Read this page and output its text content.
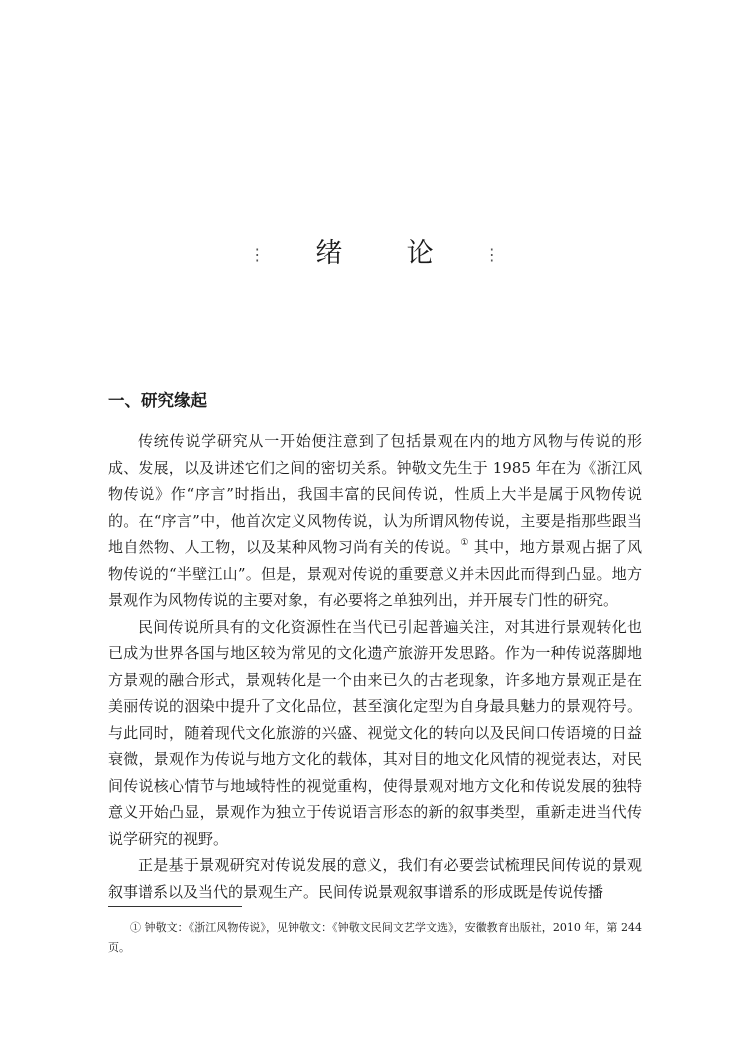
⋮ 绪 论	⋮
一、研究缘起

传统传说学研究从一开始便注意到了包括景观在内的地方风物与传说的形成、发展，以及讲述它们之间的密切关系。钟敬文先生于 1985 年在为《浙江风物传说》作“序言”时指出，我国丰富的民间传说，性质上大半是属于风物传说的。在“序言”中，他首次定义风物传说，认为所谓风物传说，主要是指那些跟当地自然物、人工物，以及某种风物习尚有关的传说。① 其中，地方景观占据了风物传说的“半壁江山”。但是，景观对传说的重要意义并未因此而得到凸显。地方景观作为风物传说的主要对象，有必要将之单独列出，并开展专门性的研究。

民间传说所具有的文化资源性在当代已引起普遍关注，对其进行景观转化也已成为世界各国与地区较为常见的文化遗产旅游开发思路。作为一种传说落脚地方景观的融合形式，景观转化是一个由来已久的古老现象，许多地方景观正是在美丽传说的洇染中提升了文化品位，甚至演化定型为自身最具魅力的景观符号。与此同时，随着现代文化旅游的兴盛、视觉文化的转向以及民间口传语境的日益衰微，景观作为传说与地方文化的载体，其对目的地文化风情的视觉表达，对民间传说核心情节与地域特性的视觉重构，使得景观对地方文化和传说发展的独特意义开始凸显，景观作为独立于传说语言形态的新的叙事类型，重新走进当代传说学研究的视野。

正是基于景观研究对传说发展的意义，我们有必要尝试梳理民间传说的景观叙事谱系以及当代的景观生产。民间传说景观叙事谱系的形成既是传说传播

① 钟敬文：《浙江风物传说》，见钟敬文：《钟敬文民间文艺学文选》，安徽教育出版社，2010 年，第 244 页。
